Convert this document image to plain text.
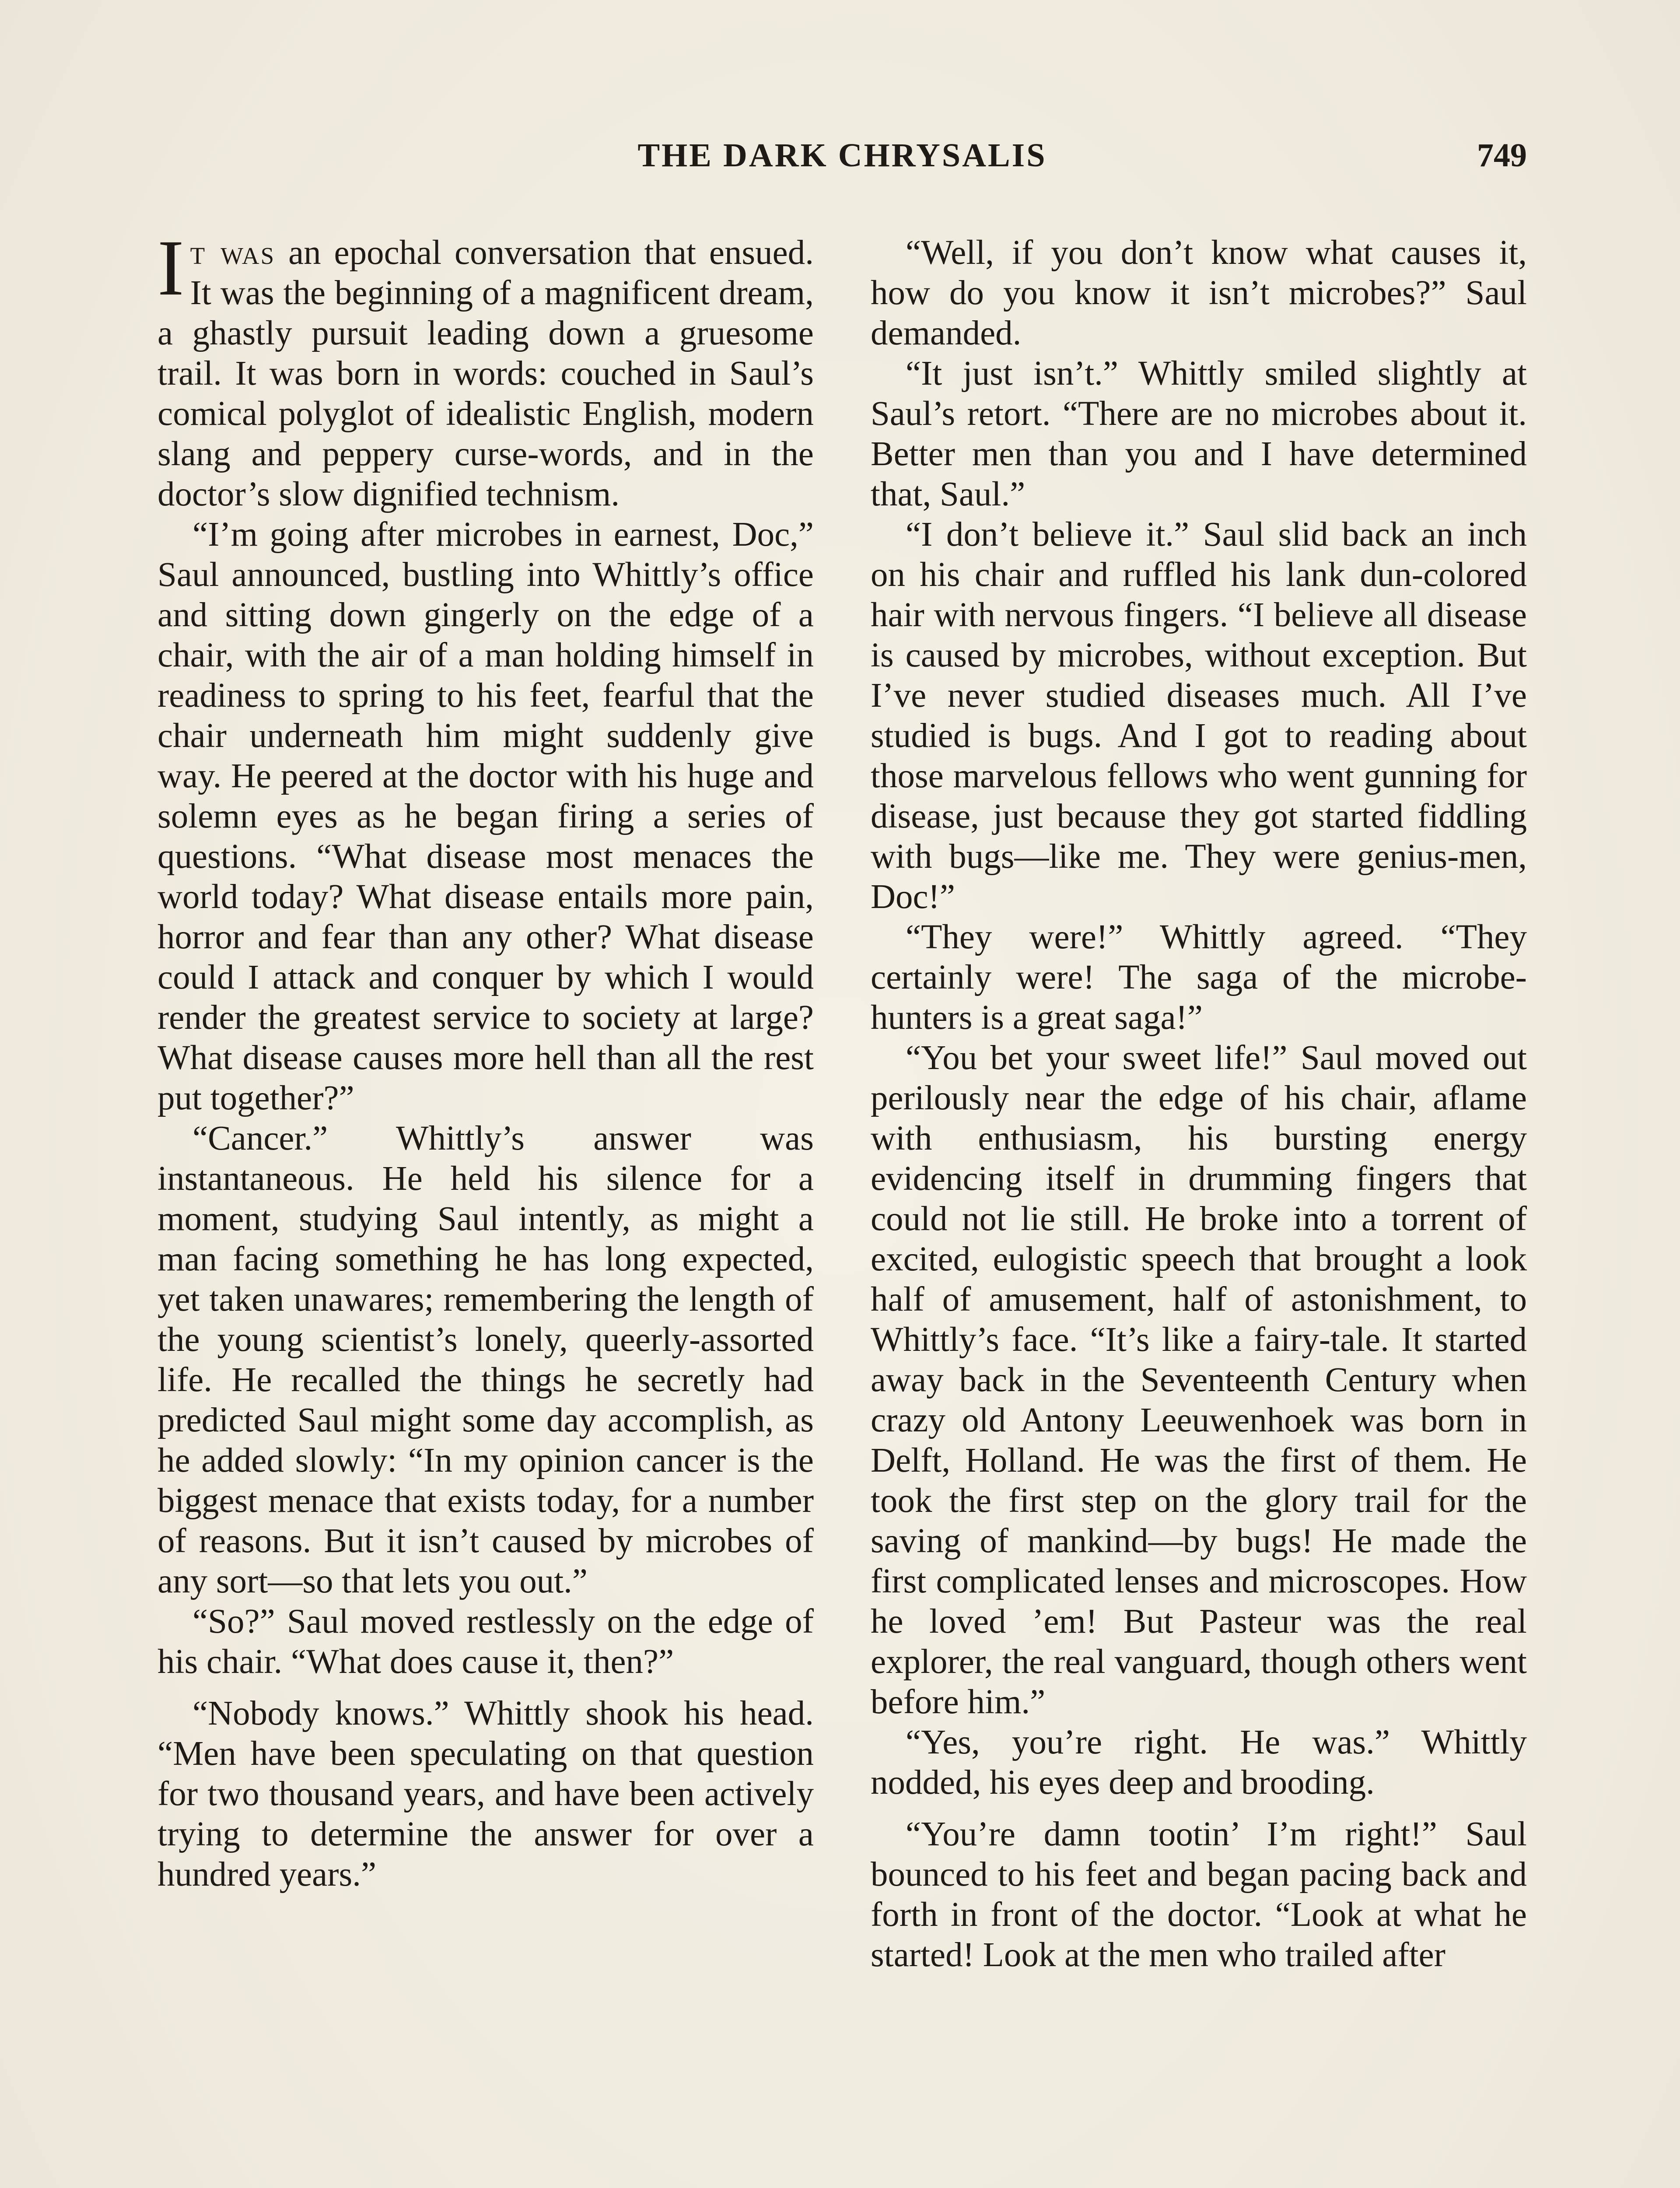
THE DARK CHRYSALIS	749

It was an epochal conversation that ensued. It was the beginning of a magnificent dream, a ghastly pursuit leading down a gruesome trail. It was born in words: couched in Saul’s comical polyglot of idealistic English, modern slang and peppery curse-words, and in the doctor’s slow dignified technism.

“I’m going after microbes in earnest, Doc,” Saul announced, bustling into Whittly’s office and sitting down gingerly on the edge of a chair, with the air of a man holding himself in readiness to spring to his feet, fearful that the chair underneath him might suddenly give way. He peered at the doctor with his huge and solemn eyes as he began firing a series of questions. “What disease most menaces the world today? What disease entails more pain, horror and fear than any other? What disease could I attack and conquer by which I would render the greatest service to society at large? What disease causes more hell than all the rest put together?”

“Cancer.” Whittly’s answer was instantaneous. He held his silence for a moment, studying Saul intently, as might a man facing something he has long expected, yet taken unawares; remembering the length of the young scientist’s lonely, queerly-assorted life. He recalled the things he secretly had predicted Saul might some day accomplish, as he added slowly: “In my opinion cancer is the biggest menace that exists today, for a number of reasons. But it isn’t caused by microbes of any sort—so that lets you out.”

“So?” Saul moved restlessly on the edge of his chair. “What does cause it, then?”

“Nobody knows.” Whittly shook his head. “Men have been speculating on that question for two thousand years, and have been actively trying to determine the answer for over a hundred years.”

“Well, if you don’t know what causes it, how do you know it isn’t microbes?” Saul demanded.

“It just isn’t.” Whittly smiled slightly at Saul’s retort. “There are no microbes about it. Better men than you and I have determined that, Saul.”

“I don’t believe it.” Saul slid back an inch on his chair and ruffled his lank dun-colored hair with nervous fingers. “I believe all disease is caused by microbes, without exception. But I’ve never studied diseases much. All I’ve studied is bugs. And I got to reading about those marvelous fellows who went gunning for disease, just because they got started fiddling with bugs—like me. They were genius-men, Doc!”

“They were!” Whittly agreed. “They certainly were! The saga of the microbe-hunters is a great saga!”

“You bet your sweet life!” Saul moved out perilously near the edge of his chair, aflame with enthusiasm, his bursting energy evidencing itself in drumming fingers that could not lie still. He broke into a torrent of excited, eulogistic speech that brought a look half of amusement, half of astonishment, to Whittly’s face. “It’s like a fairy-tale. It started away back in the Seventeenth Century when crazy old Antony Leeuwenhoek was born in Delft, Holland. He was the first of them. He took the first step on the glory trail for the saving of mankind—by bugs! He made the first complicated lenses and microscopes. How he loved ’em! But Pasteur was the real explorer, the real vanguard, though others went before him.”

“Yes, you’re right. He was.” Whittly nodded, his eyes deep and brooding.

“You’re damn tootin’ I’m right!” Saul bounced to his feet and began pacing back and forth in front of the doctor. “Look at what he started! Look at the men who trailed after
